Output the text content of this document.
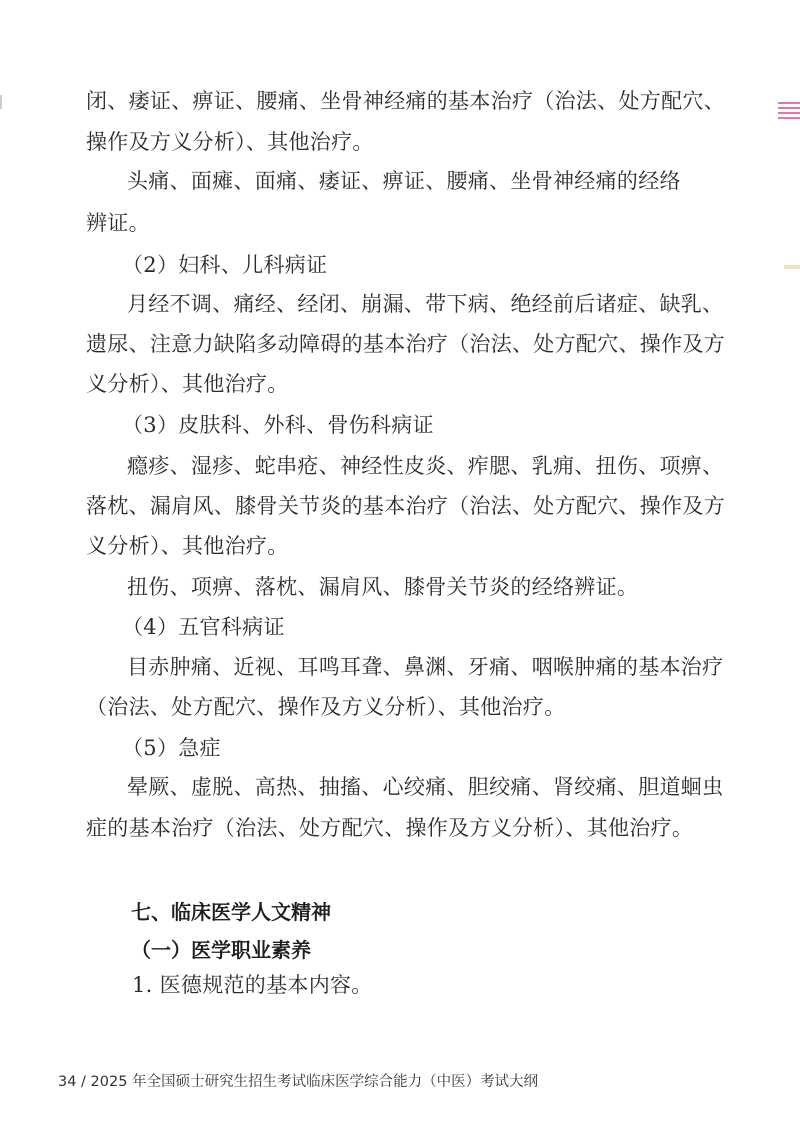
闭、痿证、痹证、腰痛、坐骨神经痛的基本治疗（治法、处方配穴、
操作及方义分析）、其他治疗。
头痛、面瘫、面痛、痿证、痹证、腰痛、坐骨神经痛的经络
辨证。
（2）妇科、儿科病证
月经不调、痛经、经闭、崩漏、带下病、绝经前后诸症、缺乳、
遗尿、注意力缺陷多动障碍的基本治疗（治法、处方配穴、操作及方
义分析）、其他治疗。
（3）皮肤科、外科、骨伤科病证
瘾疹、湿疹、蛇串疮、神经性皮炎、痄腮、乳痈、扭伤、项痹、
落枕、漏肩风、膝骨关节炎的基本治疗（治法、处方配穴、操作及方
义分析）、其他治疗。
扭伤、项痹、落枕、漏肩风、膝骨关节炎的经络辨证。
（4）五官科病证
目赤肿痛、近视、耳鸣耳聋、鼻渊、牙痛、咽喉肿痛的基本治疗
（治法、处方配穴、操作及方义分析）、其他治疗。
（5）急症
晕厥、虚脱、高热、抽搐、心绞痛、胆绞痛、肾绞痛、胆道蛔虫
症的基本治疗（治法、处方配穴、操作及方义分析）、其他治疗。
七、临床医学人文精神
（一）医学职业素养
1. 医德规范的基本内容。
34 / 2025 年全国硕士研究生招生考试临床医学综合能力（中医）考试大纲
